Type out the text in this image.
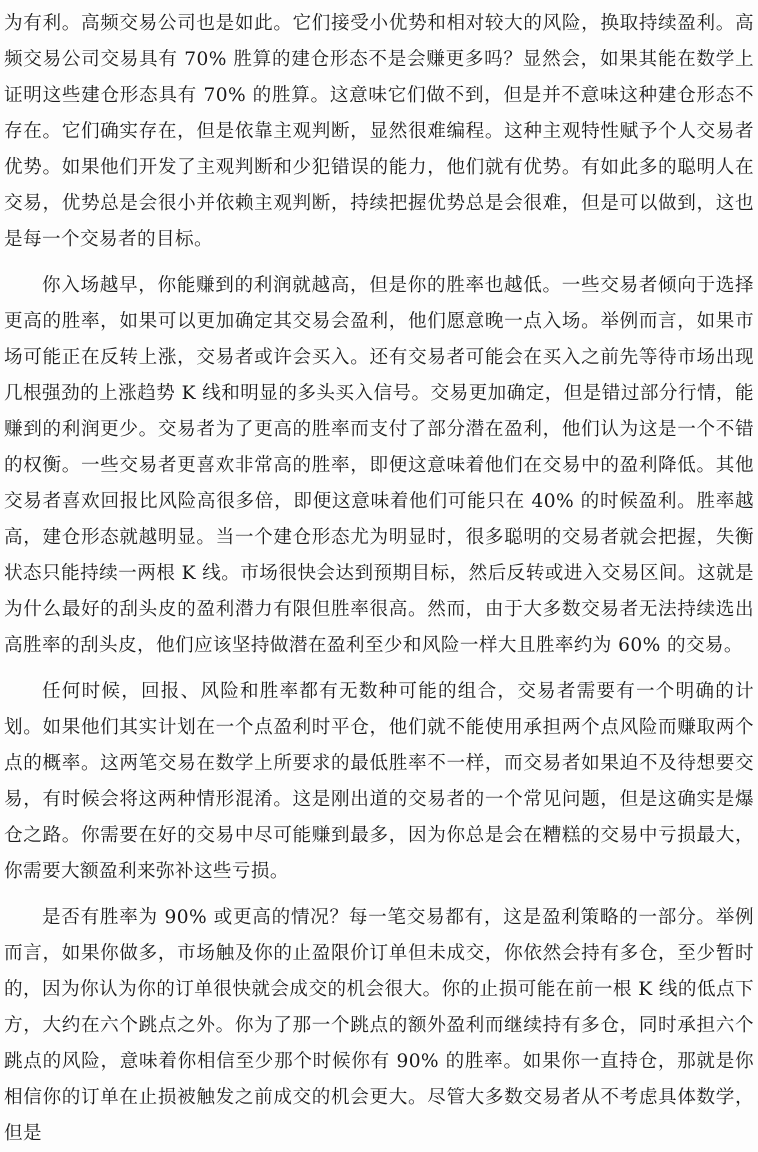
为有利。高频交易公司也是如此。它们接受小优势和相对较大的风险，换取持续盈利。高频交易公司交易具有 70% 胜算的建仓形态不是会赚更多吗？显然会，如果其能在数学上证明这些建仓形态具有 70% 的胜算。这意味它们做不到，但是并不意味这种建仓形态不存在。它们确实存在，但是依靠主观判断，显然很难编程。这种主观特性赋予个人交易者优势。如果他们开发了主观判断和少犯错误的能力，他们就有优势。有如此多的聪明人在交易，优势总是会很小并依赖主观判断，持续把握优势总是会很难，但是可以做到，这也是每一个交易者的目标。

你入场越早，你能赚到的利润就越高，但是你的胜率也越低。一些交易者倾向于选择更高的胜率，如果可以更加确定其交易会盈利，他们愿意晚一点入场。举例而言，如果市场可能正在反转上涨，交易者或许会买入。还有交易者可能会在买入之前先等待市场出现几根强劲的上涨趋势 K 线和明显的多头买入信号。交易更加确定，但是错过部分行情，能赚到的利润更少。交易者为了更高的胜率而支付了部分潜在盈利，他们认为这是一个不错的权衡。一些交易者更喜欢非常高的胜率，即便这意味着他们在交易中的盈利降低。其他交易者喜欢回报比风险高很多倍，即便这意味着他们可能只在 40% 的时候盈利。胜率越高，建仓形态就越明显。当一个建仓形态尤为明显时，很多聪明的交易者就会把握，失衡状态只能持续一两根 K 线。市场很快会达到预期目标，然后反转或进入交易区间。这就是为什么最好的刮头皮的盈利潜力有限但胜率很高。然而，由于大多数交易者无法持续选出高胜率的刮头皮，他们应该坚持做潜在盈利至少和风险一样大且胜率约为 60% 的交易。

任何时候，回报、风险和胜率都有无数种可能的组合，交易者需要有一个明确的计划。如果他们其实计划在一个点盈利时平仓，他们就不能使用承担两个点风险而赚取两个点的概率。这两笔交易在数学上所要求的最低胜率不一样，而交易者如果迫不及待想要交易，有时候会将这两种情形混淆。这是刚出道的交易者的一个常见问题，但是这确实是爆仓之路。你需要在好的交易中尽可能赚到最多，因为你总是会在糟糕的交易中亏损最大，你需要大额盈利来弥补这些亏损。

是否有胜率为 90% 或更高的情况？每一笔交易都有，这是盈利策略的一部分。举例而言，如果你做多，市场触及你的止盈限价订单但未成交，你依然会持有多仓，至少暂时的，因为你认为你的订单很快就会成交的机会很大。你的止损可能在前一根 K 线的低点下方，大约在六个跳点之外。你为了那一个跳点的额外盈利而继续持有多仓，同时承担六个跳点的风险，意味着你相信至少那个时候你有 90% 的胜率。如果你一直持仓，那就是你相信你的订单在止损被触发之前成交的机会更大。尽管大多数交易者从不考虑具体数学，但是
